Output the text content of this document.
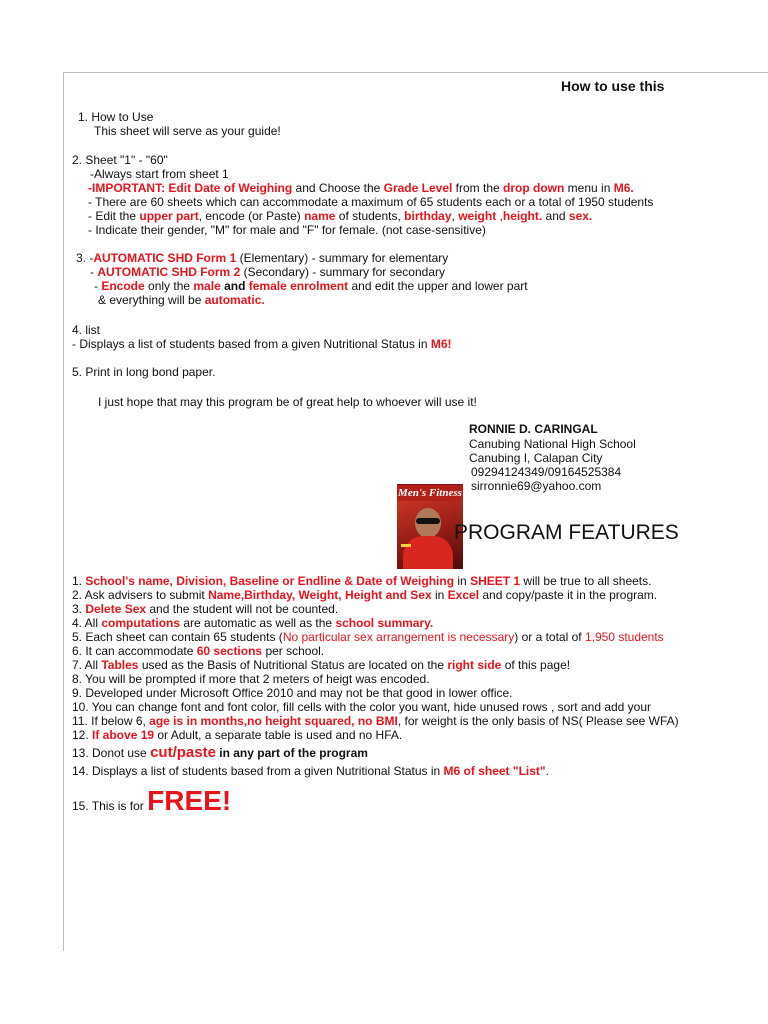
How to use this
1. How to Use
This sheet will serve as your guide!
2. Sheet "1" - "60"
-Always start from sheet 1
-IMPORTANT: Edit Date of Weighing and Choose the Grade Level from the drop down menu in M6.
- There are 60 sheets which can accommodate a maximum of 65 students each or a total of 1950 students
- Edit the upper part, encode (or Paste) name of students, birthday, weight ,height. and sex.
- Indicate their gender, "M" for male and "F" for female. (not case-sensitive)
3. -AUTOMATIC SHD Form 1 (Elementary) - summary for elementary
- AUTOMATIC SHD Form 2 (Secondary) - summary for secondary
- Encode only the male and female enrolment and edit the upper and lower part
& everything will be automatic.
4. list
- Displays a list of students based from a given Nutritional Status in M6!
5. Print in long bond paper.
I just hope that may this program be of great help to whoever will use it!
RONNIE D. CARINGAL
Canubing National High School
Canubing I, Calapan City
09294124349/09164525384
sirronnie69@yahoo.com
Men's Fitness
PROGRAM FEATURES
1. School's name, Division, Baseline or Endline & Date of Weighing in SHEET 1 will be true to all sheets.
2. Ask advisers to submit Name,Birthday, Weight, Height and Sex in Excel and copy/paste it in the program.
3. Delete Sex and the student will not be counted.
4. All computations are automatic as well as the school summary.
5. Each sheet can contain 65 students (No particular sex arrangement is necessary) or a total of 1,950 students
6. It can accommodate 60 sections per school.
7. All Tables used as the Basis of Nutritional Status are located on the right side of this page!
8. You will be prompted if more that 2 meters of heigt was encoded.
9. Developed under Microsoft Office 2010 and may not be that good in lower office.
10. You can change font and font color, fill cells with the color you want, hide unused rows , sort and add your
11. If below 6, age is in months,no height squared, no BMI, for weight is the only basis of NS( Please see WFA)
12. If above 19 or Adult, a separate table is used and no HFA.
13. Donot use cut/paste in any part of the program
14. Displays a list of students based from a given Nutritional Status in M6 of sheet "List".
15. This is for FREE!
